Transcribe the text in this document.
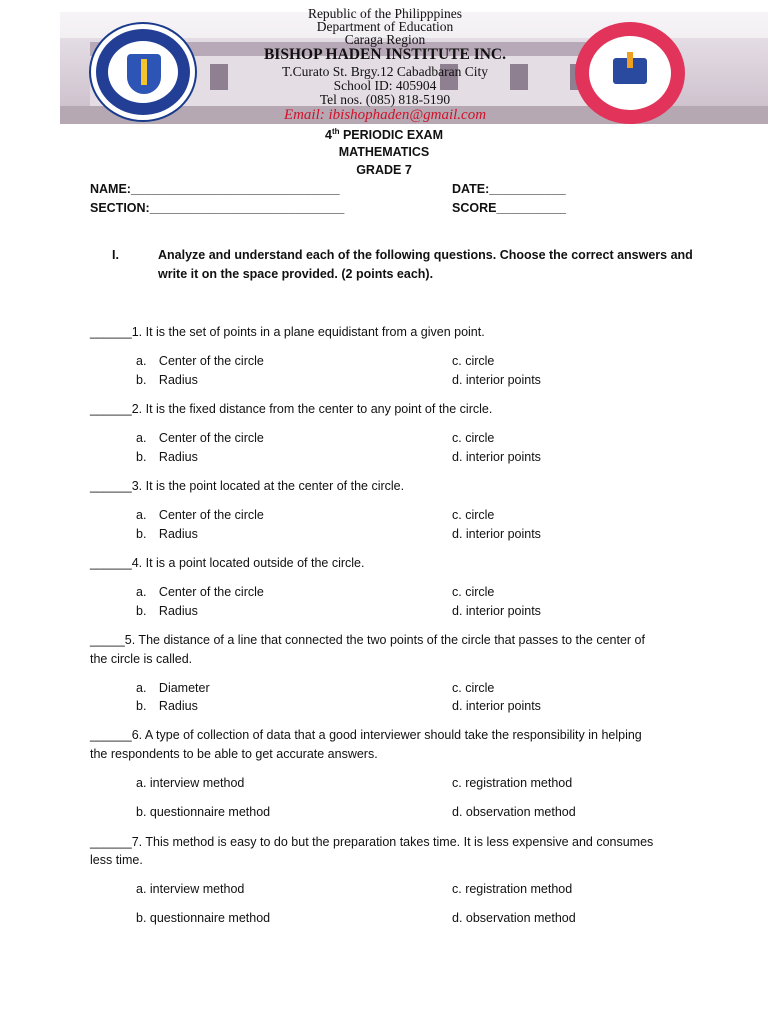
Republic of the Philipppines
Department of Education
Caraga Region
BISHOP HADEN INSTITUTE INC.
T.Curato St. Brgy.12 Cabadbaran City
School ID: 405904
Tel nos. (085) 818-5190
Email: ibishophaden@gmail.com
4th PERIODIC EXAM
MATHEMATICS
GRADE 7
NAME:______________________________	DATE:___________
SECTION:____________________________	SCORE__________
I.	Analyze and understand each of the following questions. Choose the correct answers and
write it on the space provided. (2 points each).
______1. It is the set of points in a plane equidistant from a given point.
a. Center of the circle
b. Radius
c. circle
d. interior points
______2. It is the fixed distance from the center to any point of the circle.
a. Center of the circle
b. Radius
c. circle
d. interior points
______3. It is the point located at the center of the circle.
a. Center of the circle
b. Radius
c. circle
d. interior points
______4. It is a point located outside of the circle.
a. Center of the circle
b. Radius
c. circle
d. interior points
_____5. The distance of a line that connected the two points of the circle that passes to the center of
the circle is called.
a. Diameter
b. Radius
c. circle
d. interior points
______6. A type of collection of data that a good interviewer should take the responsibility in helping
the respondents to be able to get accurate answers.
a. interview method
b. questionnaire method
c. registration method
d. observation method
______7. This method is easy to do but the preparation takes time. It is less expensive and consumes
less time.
a. interview method
b. questionnaire method
c. registration method
d. observation method
